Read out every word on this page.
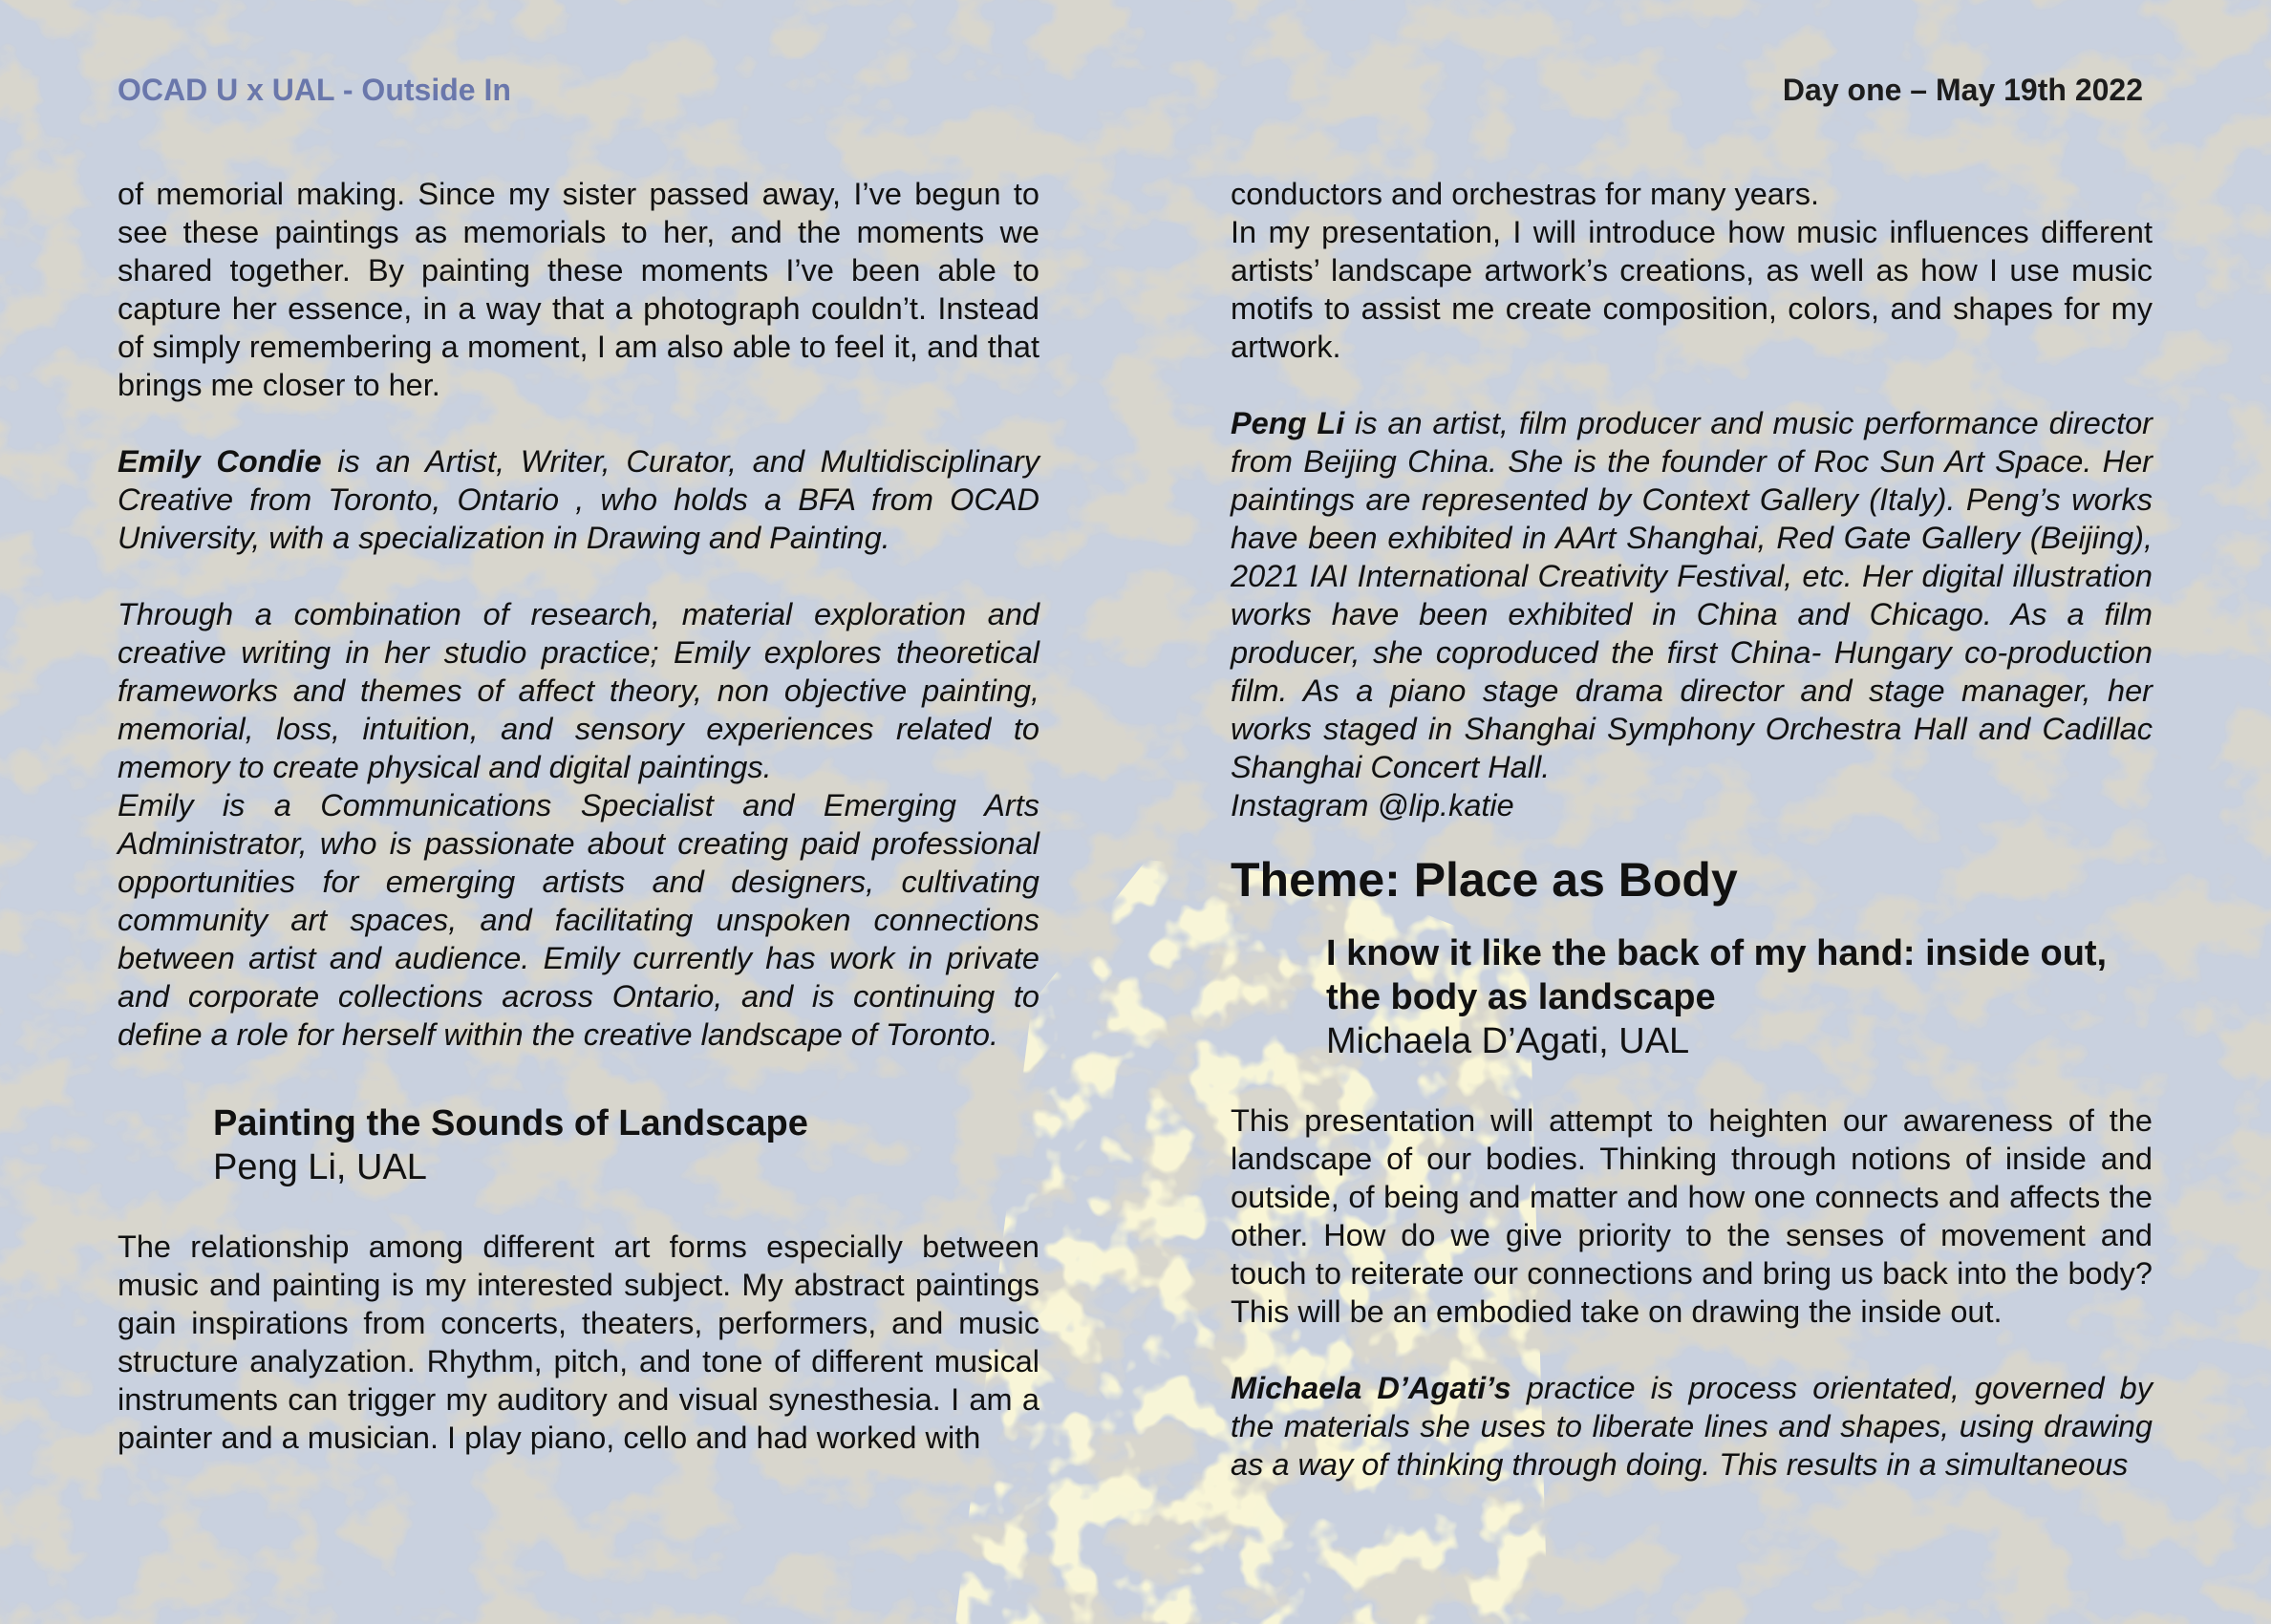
OCAD U x UAL - Outside In	Day one – May 19th 2022

of memorial making. Since my sister passed away, I’ve begun to see these paintings as memorials to her, and the moments we shared together. By painting these moments I’ve been able to capture her essence, in a way that a photograph couldn’t. Instead of simply remembering a moment, I am also able to feel it, and that brings me closer to her.

Emily Condie is an Artist, Writer, Curator, and Multidisciplinary Creative from Toronto, Ontario , who holds a BFA from OCAD University, with a specialization in Drawing and Painting.

Through a combination of research, material exploration and creative writing in her studio practice; Emily explores theoretical frameworks and themes of affect theory, non objective painting, memorial, loss, intuition, and sensory experiences related to memory to create physical and digital paintings.

Emily is a Communications Specialist and Emerging Arts Administrator, who is passionate about creating paid professional opportunities for emerging artists and designers, cultivating community art spaces, and facilitating unspoken connections between artist and audience. Emily currently has work in private and corporate collections across Ontario, and is continuing to define a role for herself within the creative landscape of Toronto.

Painting the Sounds of Landscape
Peng Li, UAL

The relationship among different art forms especially between music and painting is my interested subject. My abstract paintings gain inspirations from concerts, theaters, performers, and music structure analyzation. Rhythm, pitch, and tone of different musical instruments can trigger my auditory and visual synesthesia. I am a painter and a musician. I play piano, cello and had worked with

conductors and orchestras for many years.

In my presentation, I will introduce how music influences different artists’ landscape artwork’s creations, as well as how I use music motifs to assist me create composition, colors, and shapes for my artwork.

Peng Li is an artist, film producer and music performance director from Beijing China. She is the founder of Roc Sun Art Space. Her paintings are represented by Context Gallery (Italy). Peng’s works have been exhibited in AArt Shanghai, Red Gate Gallery (Beijing), 2021 IAI International Creativity Festival, etc. Her digital illustration works have been exhibited in China and Chicago. As a film producer, she coproduced the first China- Hungary co-production film. As a piano stage drama director and stage manager, her works staged in Shanghai Symphony Orchestra Hall and Cadillac Shanghai Concert Hall.

Instagram @lip.katie

Theme: Place as Body
I know it like the back of my hand: inside out, the body as landscape
Michaela D’Agati, UAL

This presentation will attempt to heighten our awareness of the landscape of our bodies. Thinking through notions of inside and outside, of being and matter and how one connects and affects the other. How do we give priority to the senses of movement and touch to reiterate our connections and bring us back into the body? This will be an embodied take on drawing the inside out.

Michaela D’Agati’s practice is process orientated, governed by the materials she uses to liberate lines and shapes, using drawing as a way of thinking through doing. This results in a simultaneous
